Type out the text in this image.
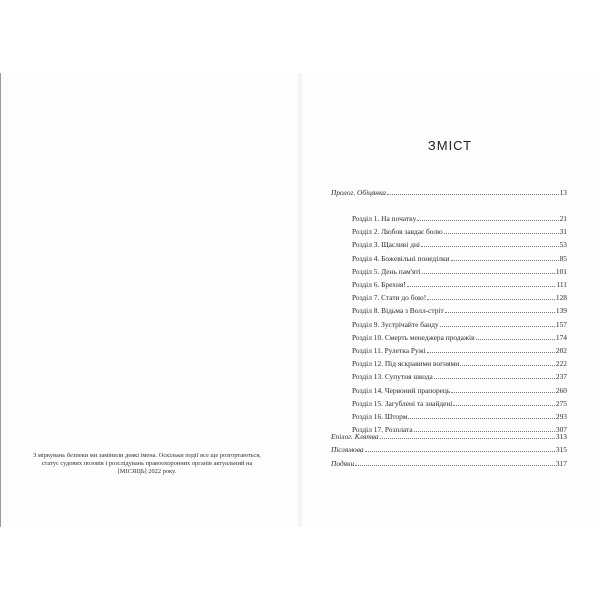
З міркувань безпеки ми замінили деякі імена. Оскільки події все ще розгортаються, статус судових позовів і розслідувань правоохоронних органів актуальний на [МІСЯЦЬ] 2022 року.
Пролог. Обіцянка	13
Розділ 1. На початку	21
Розділ 2. Любов завдає болю	31
Розділ 3. Щасливі дні	53
Розділ 4. Божевільні понеділки	85
Розділ 5. День пам'яті	101
Розділ 6. Брехня!	111
Розділ 7. Стати до бою!	128
Розділ 8. Відьма з Волл-стріт	139
Розділ 9. Зустрічайте банду	157
Розділ 10. Смерть менеджера продажів	174
Розділ 11. Рулетка Ружі	202
Розділ 12. Під яскравими вогнями	222
Розділ 13. Супутня шкода	237
Розділ 14. Червоний прапорець	260
Розділ 15. Загублені та знайдені	275
Розділ 16. Шторм	293
Розділ 17. Розплата	307
Епілог. Клятва	313
Післямова	315
Подяки	317
ЗМІСТ
